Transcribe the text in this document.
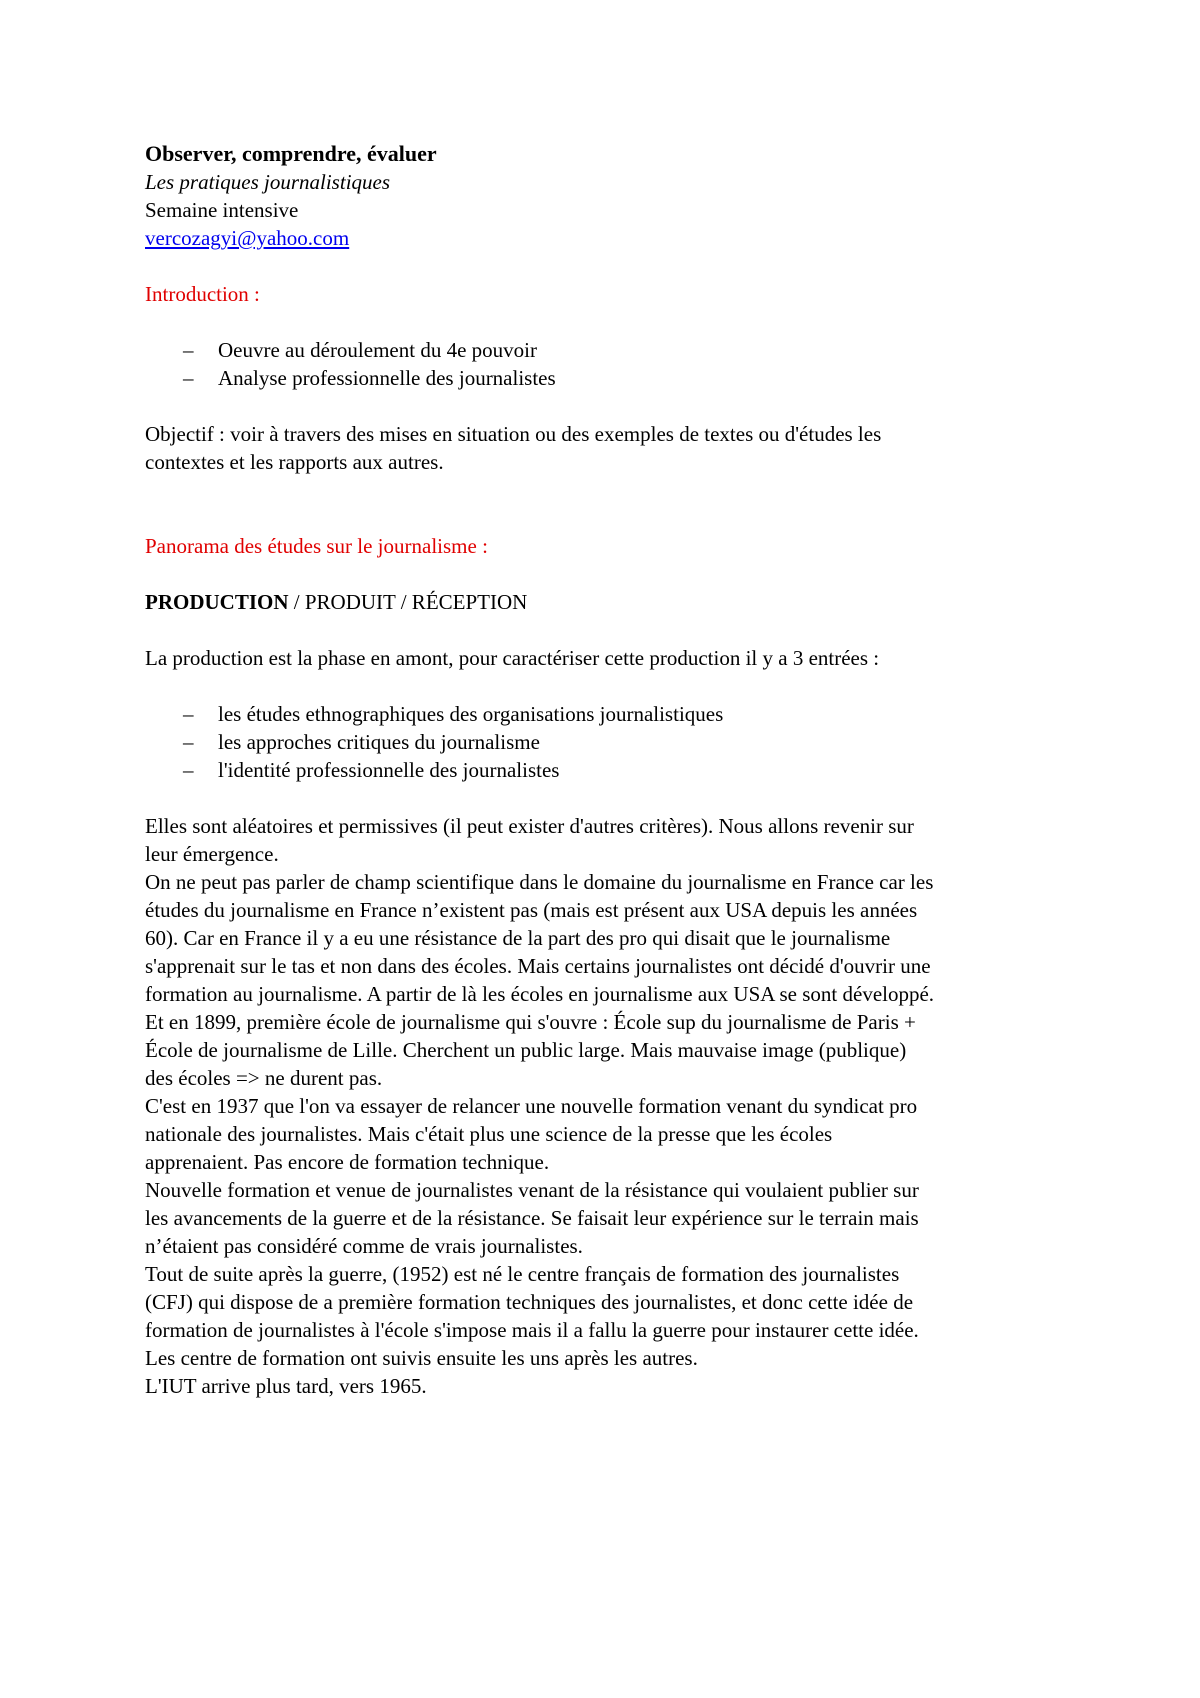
Observer, comprendre, évaluer
Les pratiques journalistiques
Semaine intensive
vercozagyi@yahoo.com
Introduction :
– Oeuvre au déroulement du 4e pouvoir
– Analyse professionnelle des journalistes
Objectif : voir à travers des mises en situation ou des exemples de textes ou d'études les
contextes et les rapports aux autres.
Panorama des études sur le journalisme :
PRODUCTION / PRODUIT / RÉCEPTION
La production est la phase en amont, pour caractériser cette production il y a 3 entrées :
– les études ethnographiques des organisations journalistiques
– les approches critiques du journalisme
– l'identité professionnelle des journalistes
Elles sont aléatoires et permissives (il peut exister d'autres critères). Nous allons revenir sur
leur émergence.
On ne peut pas parler de champ scientifique dans le domaine du journalisme en France car les
études du journalisme en France n’existent pas (mais est présent aux USA depuis les années
60). Car en France il y a eu une résistance de la part des pro qui disait que le journalisme
s'apprenait sur le tas et non dans des écoles. Mais certains journalistes ont décidé d'ouvrir une
formation au journalisme. A partir de là les écoles en journalisme aux USA se sont développé.
Et en 1899, première école de journalisme qui s'ouvre : École sup du journalisme de Paris +
École de journalisme de Lille. Cherchent un public large. Mais mauvaise image (publique)
des écoles => ne durent pas.
C'est en 1937 que l'on va essayer de relancer une nouvelle formation venant du syndicat pro
nationale des journalistes. Mais c'était plus une science de la presse que les écoles
apprenaient. Pas encore de formation technique.
Nouvelle formation et venue de journalistes venant de la résistance qui voulaient publier sur
les avancements de la guerre et de la résistance. Se faisait leur expérience sur le terrain mais
n’étaient pas considéré comme de vrais journalistes.
Tout de suite après la guerre, (1952) est né le centre français de formation des journalistes
(CFJ) qui dispose de a première formation techniques des journalistes, et donc cette idée de
formation de journalistes à l'école s'impose mais il a fallu la guerre pour instaurer cette idée.
Les centre de formation ont suivis ensuite les uns après les autres.
L'IUT arrive plus tard, vers 1965.
